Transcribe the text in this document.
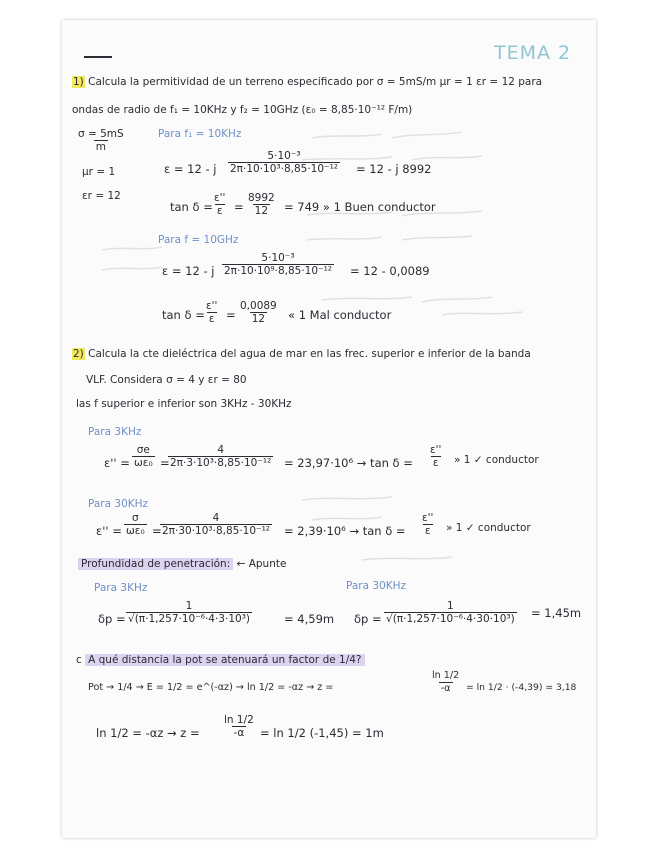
TEMA 2
1) Calcula la permitividad de un terreno especificado por σ = 5mS/m μr = 1 εr = 12 para
ondas de radio de f₁ = 10KHz y f₂ = 10GHz (ε₀ = 8,85·10⁻¹² F/m)
$\frac{\sigma = 5mS}{m}$
μr = 1
εr = 12
Para f₁ = 10KHz
ε = 12 - j $\frac{\text{5·10⁻³}}{\text{2π·10·10³·8,85·10⁻¹²}} = 12 - j$ 8992
$\tan \delta = \frac{\varepsilon''}{\varepsilon} = \frac{8992}{12} = 749$ » 1 Buen conductor
Para f = 10GHz
ε = 12 - j $\frac{\text{5·10⁻³}}{\text{2π·10·10⁹·8,85·10⁻¹²}} = 12 - 0,0089$
$\tan \delta = \frac{\varepsilon''}{\varepsilon} = \frac{0,0089}{12}$ « 1 Mal conductor
2) Calcula la cte dieléctrica del agua de mar en las frec. superior e inferior de la banda
VLF. Considera σ = 4 y εr = 80
las f superior e inferior son 3KHz - 30KHz
Para 3KHz
$\varepsilon'' = \frac{\sigma e}{\text{ωε₀}}$ =
$\frac{4}{\text{2π·3·10³·8,85·10⁻¹²}} = 23,97\cdot 10^6 \to \tan \delta = \frac{\varepsilon''}{\varepsilon}$ » 1 ✓ conductor
Para 30KHz
$\varepsilon'' = \frac{\sigma}{\text{ωε₀}}$ =
$\frac{4}{\text{2π·30·10³·8,85·10⁻¹²}} = 2,39\cdot 10^6 \to \tan \delta = \frac{\varepsilon''}{\varepsilon}$ » 1 ✓ conductor
Profundidad de penetración: ← Apunte
Para 3KHz	Para 30KHz
$\delta p = \frac{1}{\text{√(π·1,257·10⁻⁶·4·3·10³)}}$	= 4,59m $\delta p = \frac{1}{\text{√(π·1,257·10⁻⁶·4·30·10³)}} = 1,45m$
c A qué distancia la pot se atenuará un factor de 1/4?
Pot → 1/4 → E = 1/2 = e^(-αz) → ln 1/2 = -αz → z =	$\frac{\ln 1/2}{-\alpha} = \ln 1/2 \cdot (-4,39) = 3,18$
$\ln 1/2 = -\alpha z \to z = \frac{\ln 1/2}{-\alpha} = \ln 1/2$ (-1,45) = 1m
